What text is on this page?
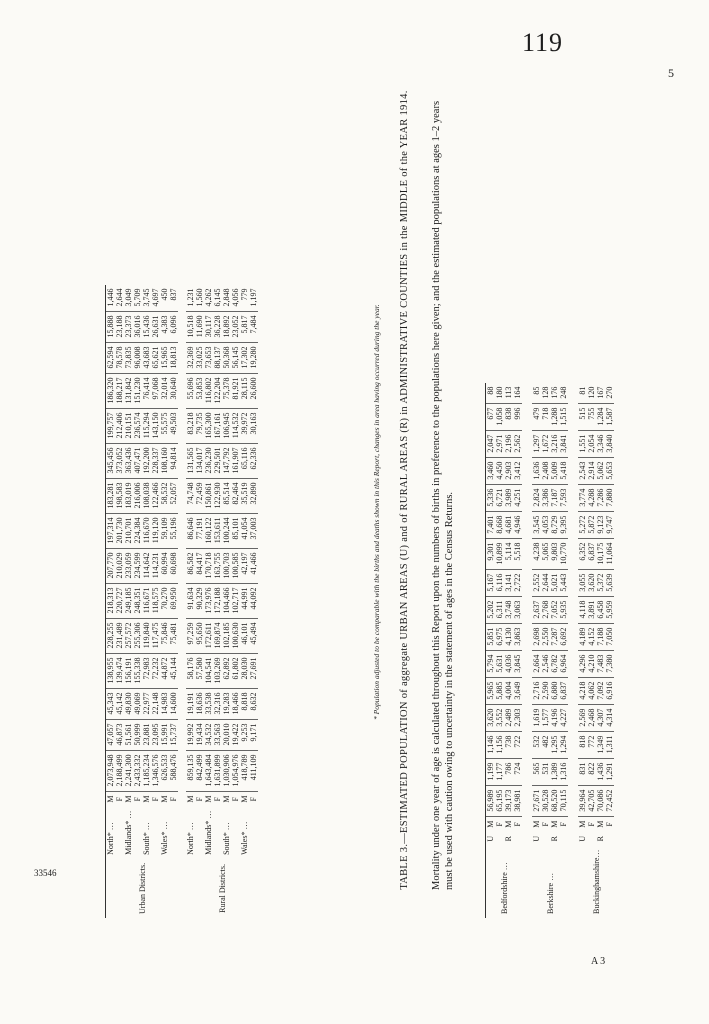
119
5
33546
A 3
Urban Districts.	North* …	M	2,073,948	47,057	45,343	138,955	228,255	218,313	207,770	197,314	183,281	345,456	199,757	186,320	62,594	15,888	1,446
		F	2,188,499	46,873	45,142	139,474	231,489	220,727	210,029	201,730	198,583	373,052	212,406	188,217	78,578	23,188	2,644
	Midlands* …	M	2,241,300	51,561	49,830	156,191	257,572	249,185	233,059	210,701	183,019	363,436	210,151	131,842	73,835	23,373	3,049
		F	2,433,332	50,999	49,069	155,338	255,306	248,351	234,599	224,384	216,006	407,471	236,574	151,230	96,008	36,016	5,709
	South* …	M	1,185,234	23,881	22,977	72,983	119,840	116,671	114,642	116,670	108,038	192,200	115,294	76,414	43,683	15,436	3,745
		F	1,346,576	23,095	22,148	72,232	117,475	118,575	114,231	119,120	122,466	228,337	143,150	97,068	65,621	26,631	4,697
	Wales* …	M	626,533	15,991	14,983	44,872	75,846	70,270	60,994	59,109	58,532	108,160	55,575	32,014	15,965	4,383	450
		F	588,476	15,737	14,600	45,144	75,481	69,950	60,698	55,196	52,057	94,814	49,503	30,640	18,813	6,096	837

Rural Districts.	North* …	M	859,135	19,992	19,191	58,176	97,259	91,634	86,582	86,646	74,748	131,565	83,218	55,696	32,369	10,518	1,231
		F	842,499	19,434	18,636	57,580	95,650	90,329	84,417	77,191	72,459	134,017	79,735	53,853	33,025	11,690	1,560
	Midlands* …	M	1,643,484	34,532	33,538	104,541	172,611	173,976	170,718	160,122	150,861	236,230	165,300	116,802	73,653	30,117	4,262
		F	1,631,899	33,563	32,316	103,269	169,874	172,188	163,755	153,611	122,930	229,501	167,161	122,204	88,137	36,228	6,145
	South* …	M	1,030,906	20,010	19,283	62,892	102,185	104,466	100,703	100,244	85,514	147,792	106,945	75,378	50,368	18,892	2,848
		F	1,054,976	19,422	18,466	61,802	100,630	102,717	100,585	85,101	82,464	161,907	114,532	81,921	56,145	23,052	4,056
	Wales* …	M	418,789	9,253	8,818	28,030	46,101	44,991	42,197	41,054	35,519	65,116	39,972	28,115	17,302	5,817	779
		F	411,109	9,171	8,632	27,691	45,494	44,092	41,466	37,003	32,890	62,336	30,163	26,600	19,280	7,484	1,197
* Population adjusted to be comparable with the births and deaths shown in this Report, changes in area having occurred during the year. TABLE 3.—ESTIMATED POPULATION of aggregate URBAN AREAS (U) and of RURAL AREAS (R) in ADMINISTRATIVE COUNTIES in the MIDDLE of the YEAR 1914. Mortality under one year of age is calculated throughout this Report upon the numbers of births in preference to the populations here given; and the estimated populations at ages 1–2 years must be used with caution owing to uncertainty in the statement of ages in the Census Returns.	Bedfordshire …	U	M	56,989	1,199	1,146	3,620	5,965	5,794	5,851	5,202	5,167	9,301	7,401	5,336	3,460	2,047	677	88
		F	65,195	1,177	1,156	3,552	5,885	5,631	6,975	6,311	6,116	10,899	8,668	6,721	4,450	2,971	1,058	180
	R	M	39,173	786	738	2,489	4,004	4,036	4,130	3,748	3,141	5,114	4,681	3,989	2,903	2,196	838	113
		F	38,981	724	722	2,303	3,649	3,845	3,863	3,063	2,722	5,518	4,946	4,251	3,412	2,562	996	164

Berkshire …	U	M	27,671	565	532	1,619	2,716	2,664	2,698	2,637	2,552	4,238	3,545	2,824	1,636	1,297	479	85
		F	30,528	531	482	1,577	2,590	2,546	2,550	2,768	2,644	5,065	4,053	3,386	2,408	1,672	718	128
	R	M	68,520	1,389	1,295	4,196	6,880	6,782	7,287	7,052	5,021	9,803	8,729	7,187	5,009	3,216	1,288	176
		F	70,115	1,316	1,294	4,227	6,837	6,964	6,692	5,935	5,443	10,770	9,395	7,593	5,418	3,841	1,515	248

Buckinghamshire…	U	M	39,964	831	818	2,569	4,218	4,296	4,189	4,118	3,055	6,352	5,272	3,774	2,543	1,551	515	81
		F	42,705	822	772	2,468	4,062	4,210	4,152	3,891	3,620	6,837	5,872	4,288	2,914	2,054	755	120
	R	M	70,086	1,436	1,349	4,307	7,092	7,483	7,188	6,458	5,372	10,175	9,123	7,286	5,062	3,346	1,284	167
		F	72,452	1,291	1,311	4,314	6,916	7,380	7,050	5,959	5,639	11,064	9,747	7,880	5,653	3,840	1,587	270
